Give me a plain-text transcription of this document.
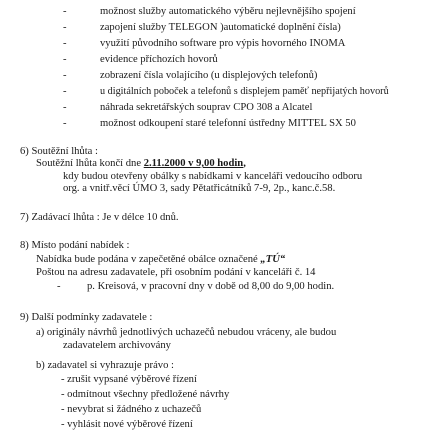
-	možnost služby automatického výběru nejlevnějšího spojení
-	zapojení služby TELEGON )automatické doplnění čísla)
-	využití původního software pro výpis hovorného INOMA
-	evidence příchozích hovorů
-	zobrazení čísla volajícího (u displejových telefonů)
-	u digitálních poboček a telefonů s displejem paměť nepřijatých hovorů
-	náhrada sekretářských souprav CPO 308 a Alcatel
-	možnost odkoupení staré telefonní ústředny MITTEL SX 50
6) Soutěžní lhůta :
Soutěžní lhůta končí dne 2.11.2000 v 9,00 hodin,
kdy budou otevřeny obálky s nabídkami v kanceláři vedoucího odboru
org. a vnitř.věcí ÚMO 3, sady Pětatřicátníků 7-9, 2p., kanc.č.58.
7) Zadávací lhůta : Je v délce 10 dnů.
8) Místo podání nabídek :
Nabídka bude podána v zapečetěné obálce označené „TÚ“
Poštou na adresu zadavatele, při osobním podání v kanceláři č. 14
- p. Kreisová, v pracovní dny v době od 8,00 do 9,00 hodin.
9) Další podmínky zadavatele :
a) originály návrhů jednotlivých uchazečů nebudou vráceny, ale budou
zadavatelem archivovány
b) zadavatel si vyhrazuje právo :
- zrušit vypsané výběrové řízení
- odmítnout všechny předložené návrhy
- nevybrat si žádného z uchazečů
- vyhlásit nové výběrové řízení
